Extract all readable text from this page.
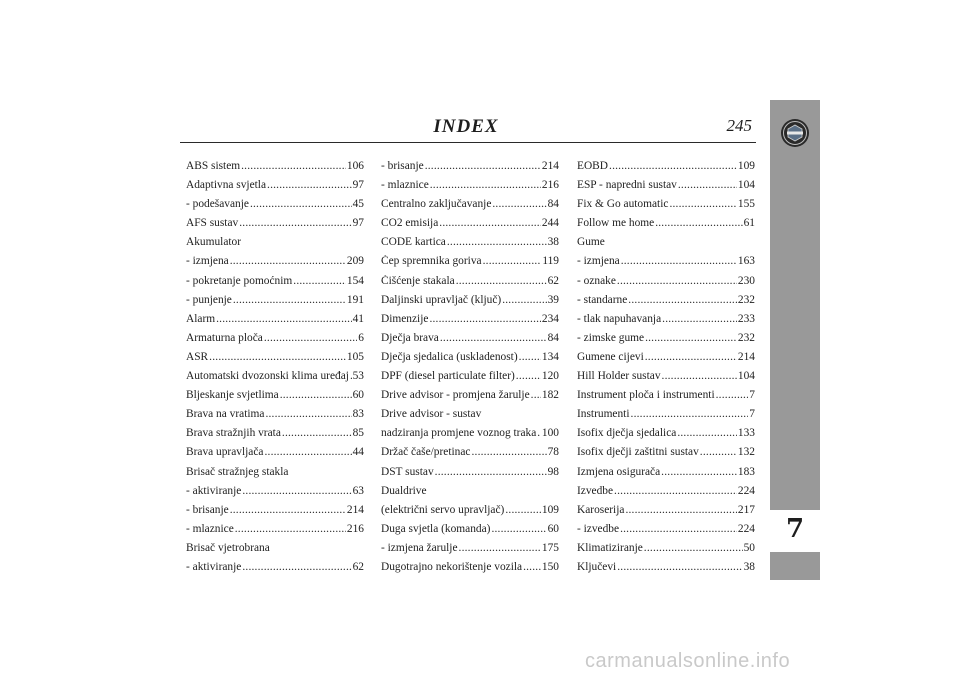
INDEX	245
ABS sistem .....	106
Adaptivna svjetla .....	97
- podešavanje .....	45
AFS sustav .....	97
Akumulator
- izmjena .....	209
- pokretanje pomoćnim .....	154
- punjenje .....	191
Alarm .....	41
Armaturna ploča .....	6
ASR .....	105
Automatski dvozonski klima uređaj ..... 53
Bljeskanje svjetlima .....	60
Brava na vratima .....	83
Brava stražnjih vrata .....	85
Brava upravljača .....	44
Brisač stražnjeg stakla
- aktiviranje .....	63
- brisanje .....	214
- mlaznice .....	216
Brisač vjetrobrana
- aktiviranje .....	62
- brisanje .....	214
- mlaznice .....	216
Centralno zaključavanje .....	84
CO2 emisija .....	244
CODE kartica .....	38
Čep spremnika goriva .....	119
Čišćenje stakala .....	62
Daljinski upravljač (ključ) .....	39
Dimenzije .....	234
Dječja brava .....	84
Dječja sjedalica (uskladenost) ..... 134
DPF (diesel particulate filter) ..... 120
Drive advisor - promjena žarulje ..... 182
Drive advisor - sustav
nadziranja promjene voznog traka ..... 100
Držač čaše/pretinac .....	78
DST sustav .....	98
Dualdrive
(električni servo upravljač) .....	109
Duga svjetla (komanda) .....	60
- izmjena žarulje .....	175
Dugotrajno nekorištenje vozila ..... 150
EOBD .....	109
ESP - napredni sustav .....	104
Fix & Go automatic .....	155
Follow me home .....	61
Gume
- izmjena .....	163
- oznake .....	230
- standarne .....	232
- tlak napuhavanja .....	233
- zimske gume .....	232
Gumene cijevi .....	214
Hill Holder sustav .....	104
Instrument ploča i instrumenti .....	7
Instrumenti .....	7
Isofix dječja sjedalica .....	133
Isofix dječji zaštitni sustav .....	132
Izmjena osigurača .....	183
Izvedbe .....	224
Karoserija .....	217
- izvedbe .....	224
Klimatiziranje .....	50
Ključevi .....	38
7
carmanualsonline.info
